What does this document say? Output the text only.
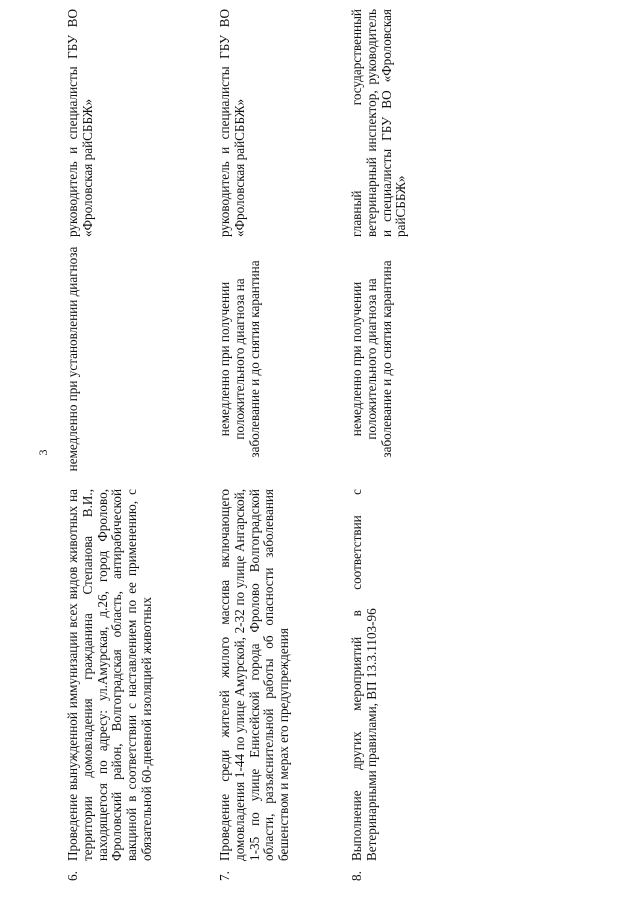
3
6.
Проведение вынужденной иммунизации всех видов животных на территории домовладения гражданина Степанова В.И., находящегося по адресу: ул.Амурская, д.26, город Фролово, Фроловский район, Волгоградская область, антирабической вакциной в соответствии с наставлением по ее применению, с обязательной 60-дневной изоляцией животных
немедленно при установлении диагноза
руководитель и специалисты ГБУ ВО «Фроловская райСББЖ»
7.
Проведение среди жителей жилого массива включающего домовладения 1-44 по улице Амурской, 2-32 по улице Ангарской, 1-35 по улице Енисейской города Фролово Волгоградской области, разъяснительной работы об опасности заболевания бешенством и мерах его предупреждения
немедленно при получении положительного диагноза на заболевание и до снятия карантина
руководитель и специалисты ГБУ ВО «Фроловская райСББЖ»
8.
Выполнение других мероприятий в соответствии с Ветеринарными правилами, ВП 13.3.1103-96
немедленно при получении положительного диагноза на заболевание и до снятия карантина
главный государственный ветеринарный инспектор, руководитель и специалисты ГБУ ВО «Фроловская райСББЖ»
